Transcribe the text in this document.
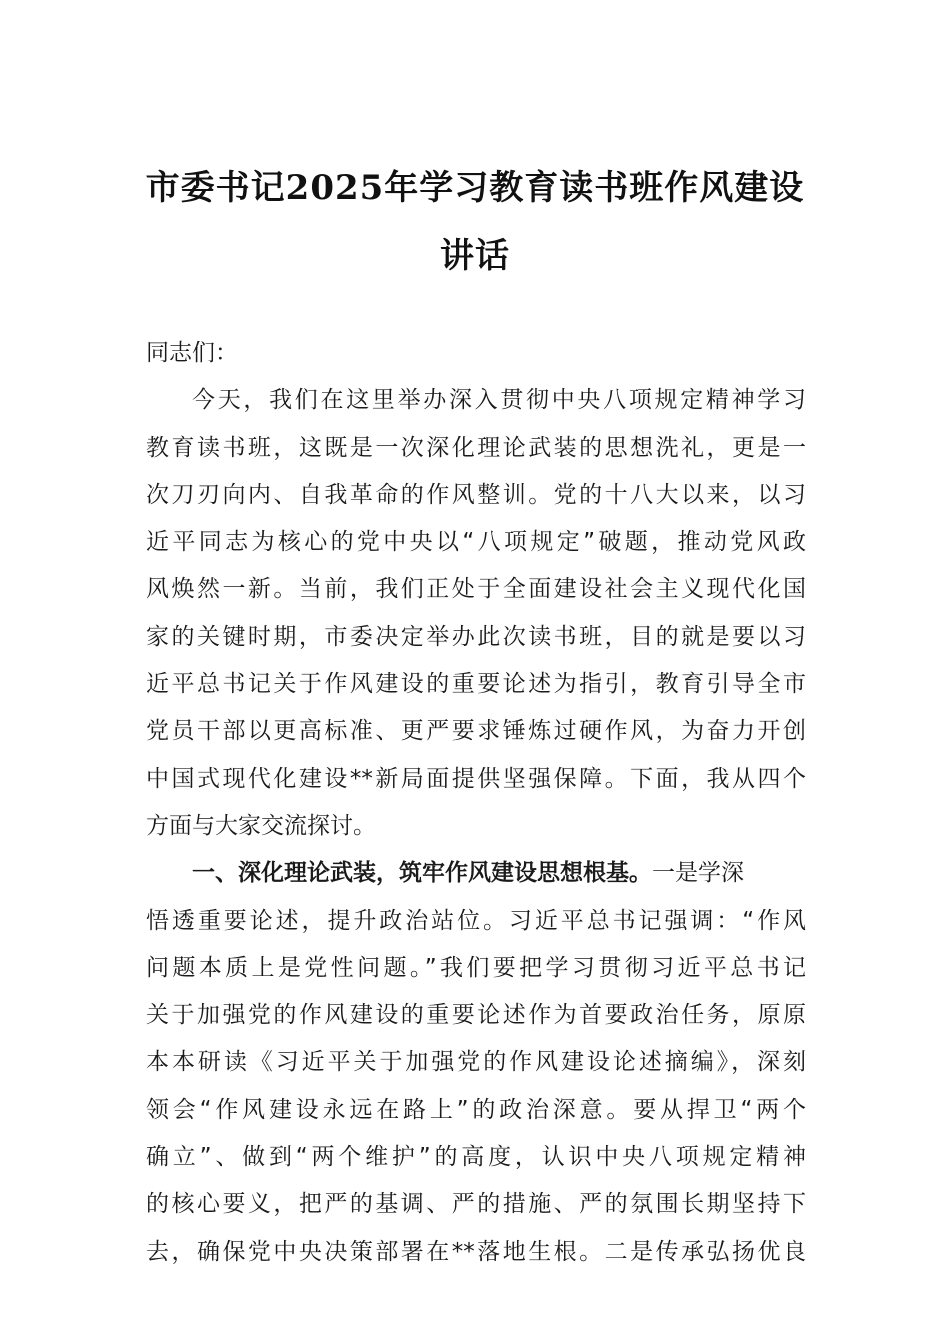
市委书记2025年学习教育读书班作风建设
讲话
同志们：
今天，我们在这里举办深入贯彻中央八项规定精神学习
教育读书班，这既是一次深化理论武装的思想洗礼，更是一
次刀刃向内、自我革命的作风整训。党的十八大以来，以习
近平同志为核心的党中央以“八项规定”破题，推动党风政
风焕然一新。当前，我们正处于全面建设社会主义现代化国
家的关键时期，市委决定举办此次读书班，目的就是要以习
近平总书记关于作风建设的重要论述为指引，教育引导全市
党员干部以更高标准、更严要求锤炼过硬作风，为奋力开创
中国式现代化建设**新局面提供坚强保障。下面，我从四个
方面与大家交流探讨。
一、深化理论武装，筑牢作风建设思想根基。一是学深
悟透重要论述，提升政治站位。习近平总书记强调：“作风
问题本质上是党性问题。”我们要把学习贯彻习近平总书记
关于加强党的作风建设的重要论述作为首要政治任务，原原
本本研读《习近平关于加强党的作风建设论述摘编》，深刻
领会“作风建设永远在路上”的政治深意。要从捍卫“两个
确立”、做到“两个维护”的高度，认识中央八项规定精神
的核心要义，把严的基调、严的措施、严的氛围长期坚持下
去，确保党中央决策部署在**落地生根。二是传承弘扬优良
